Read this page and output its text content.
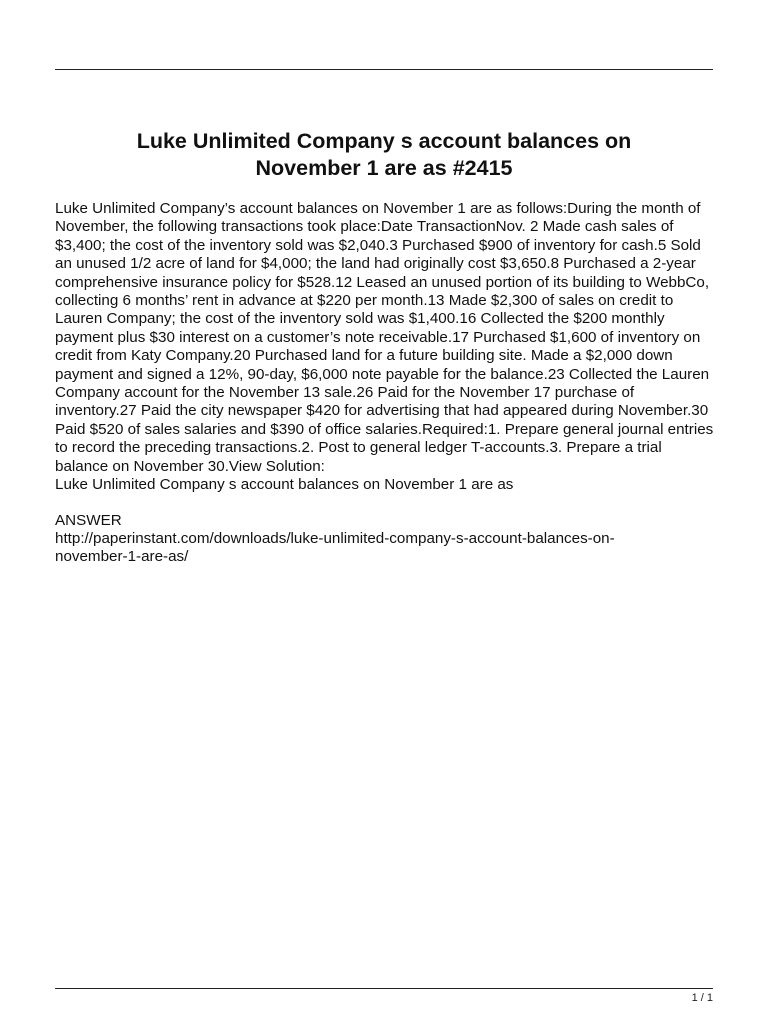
Luke Unlimited Company s account balances on
November 1 are as #2415

Luke Unlimited Company’s account balances on November 1 are as follows:During the month of November, the following transactions took place:Date TransactionNov. 2 Made cash sales of $3,400; the cost of the inventory sold was $2,040.3 Purchased $900 of inventory for cash.5 Sold an unused 1/2 acre of land for $4,000; the land had originally cost $3,650.8 Purchased a 2-year comprehensive insurance policy for $528.12 Leased an unused portion of its building to WebbCo, collecting 6 months’ rent in advance at $220 per month.13 Made $2,300 of sales on credit to Lauren Company; the cost of the inventory sold was $1,400.16 Collected the $200 monthly payment plus $30 interest on a customer’s note receivable.17 Purchased $1,600 of inventory on credit from Katy Company.20 Purchased land for a future building site. Made a $2,000 down payment and signed a 12%, 90-day, $6,000 note payable for the balance.23 Collected the Lauren Company account for the November 13 sale.26 Paid for the November 17 purchase of inventory.27 Paid the city newspaper $420 for advertising that had appeared during November.30 Paid $520 of sales salaries and $390 of office salaries.Required:1. Prepare general journal entries to record the preceding transactions.2. Post to general ledger T-accounts.3. Prepare a trial balance on November 30.View Solution:

Luke Unlimited Company s account balances on November 1 are as

ANSWER

http://paperinstant.com/downloads/luke-unlimited-company-s-account-balances-on-november-1-are-as/

1 / 1
